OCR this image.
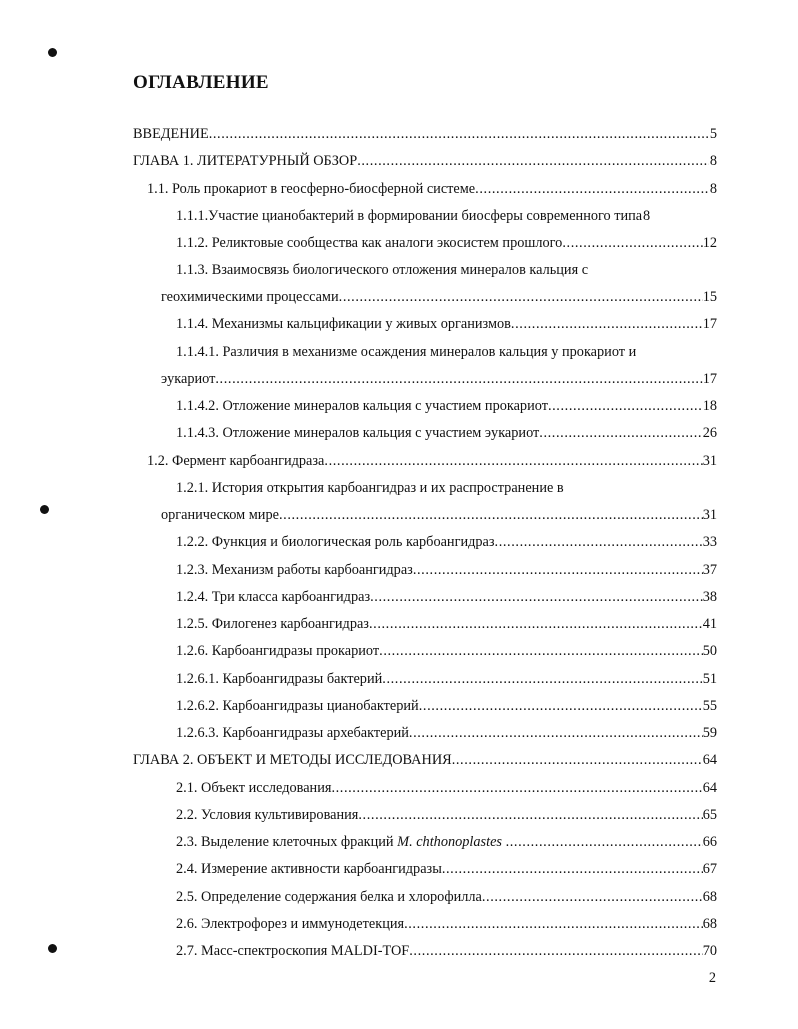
ОГЛАВЛЕНИЕ
ВВЕДЕНИЕ .....	5
ГЛАВА 1. ЛИТЕРАТУРНЫЙ ОБЗОР .....	8
1.1. Роль прокариот в геосферно-биосферной системе .....	8
1.1.1.Участие цианобактерий в формировании биосферы современного типа 8
1.1.2. Реликтовые сообщества как аналоги экосистем прошлого .....	12
1.1.3. Взаимосвязь биологического отложения минералов кальция с
геохимическими процессами .....	15
1.1.4. Механизмы кальцификации у живых организмов .....	17
1.1.4.1. Различия в механизме осаждения минералов кальция у прокариот и
эукариот .....	17
1.1.4.2. Отложение минералов кальция с участием прокариот .....	18
1.1.4.3. Отложение минералов кальция с участием эукариот .....	26
1.2. Фермент карбоангидраза .....	31
1.2.1. История открытия карбоангидраз и их распространение в
органическом мире .....	31
1.2.2. Функция и биологическая роль карбоангидраз .....	33
1.2.3. Механизм работы карбоангидраз .....	37
1.2.4. Три класса карбоангидраз .....	38
1.2.5. Филогенез карбоангидраз .....	41
1.2.6. Карбоангидразы прокариот .....	50
1.2.6.1. Карбоангидразы бактерий .....	51
1.2.6.2. Карбоангидразы цианобактерий .....	55
1.2.6.3. Карбоангидразы архебактерий .....	59
ГЛАВА 2. ОБЪЕКТ И МЕТОДЫ ИССЛЕДОВАНИЯ .....	64
2.1. Объект исследования .....	64
2.2. Условия культивирования .....	65
2.3. Выделение клеточных фракций M. chthonoplastes .....	66
2.4. Измерение активности карбоангидразы .....	67
2.5. Определение содержания белка и хлорофилла .....	68
2.6. Электрофорез и иммунодетекция .....	68
2.7. Масс-спектроскопия MALDI-TOF .....	70
2
